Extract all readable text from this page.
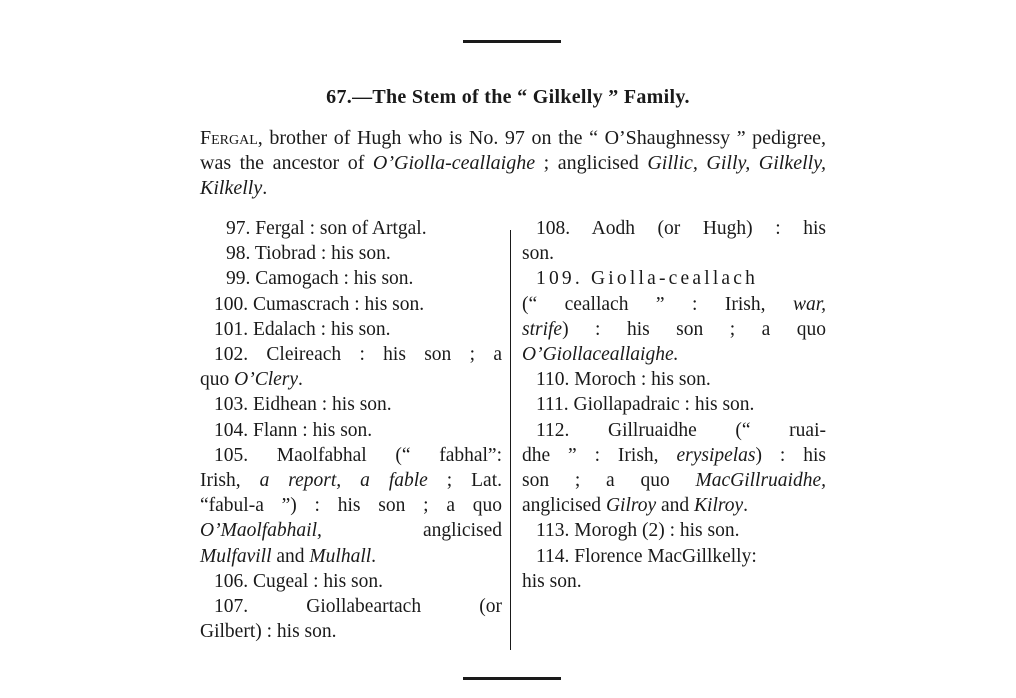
67.—The Stem of the “ Gilkelly ” Family.
Fergal, brother of Hugh who is No. 97 on the “ O’Shaughnessy ” pedigree, was the ancestor of O’Giolla-ceallaighe ; anglicised Gillic, Gilly, Gilkelly, Kilkelly.
97. Fergal : son of Artgal.
98. Tiobrad : his son.
99. Camogach : his son.
100. Cumascrach : his son.
101. Edalach : his son.
102. Cleireach : his son ; a
quo O’Clery.
103. Eidhean : his son.
104. Flann : his son.
105. Maolfabhal (“ fabhal”:
Irish, a report, a fable ; Lat.
“fabul-a ”) : his son ; a quo
O’Maolfabhail, anglicised
Mulfavill and Mulhall.
106. Cugeal : his son.
107. Giollabeartach (or
Gilbert) : his son.
108. Aodh (or Hugh) : his
son.
109. Giolla-ceallach
(“ ceallach ” : Irish, war,
strife) : his son ; a quo
O’Giollaceallaighe.
110. Moroch : his son.
111. Giollapadraic : his son.
112. Gillruaidhe (“ ruai-
dhe ” : Irish, erysipelas) : his
son ; a quo MacGillruaidhe,
anglicised Gilroy and Kilroy.
113. Morogh (2) : his son.
114. Florence MacGillkelly:
his son.
